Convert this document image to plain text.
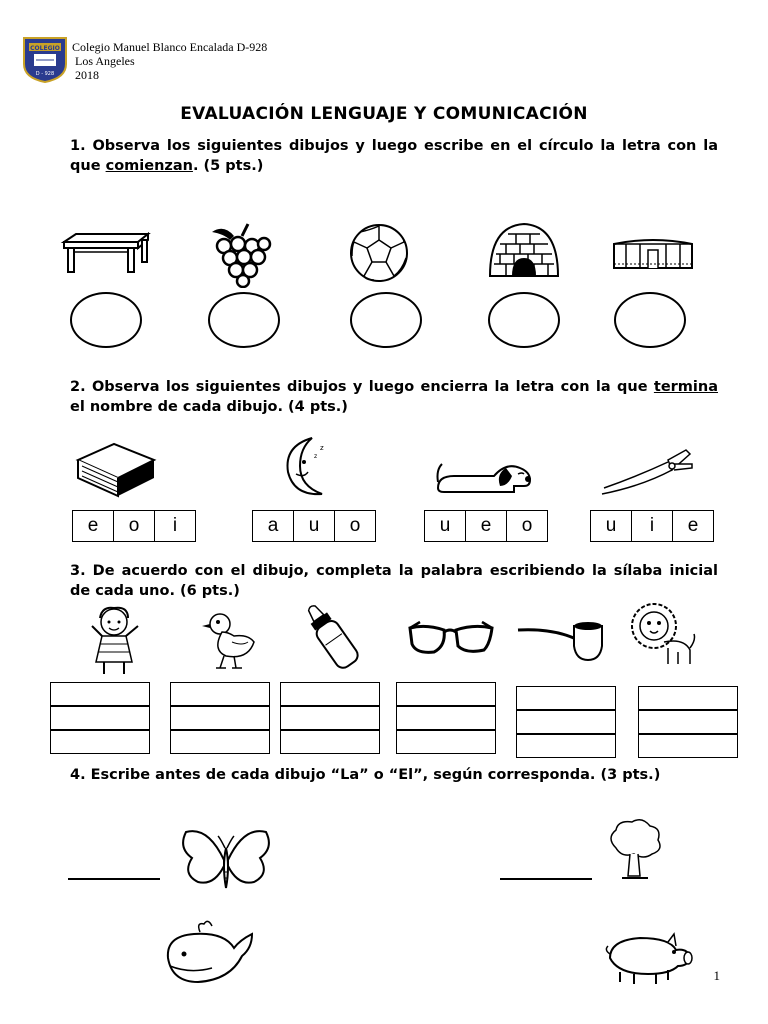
COLEGIO
D - 928
Colegio Manuel Blanco Encalada D-928
Los Angeles
2018
EVALUACIÓN LENGUAJE Y COMUNICACIÓN
1. Observa los siguientes dibujos y luego escribe en el círculo la letra con la que comienzan. (5 pts.)
2. Observa los siguientes dibujos y luego encierra la letra con la que termina el nombre de cada dibujo. (4 pts.)
z
z
e	o	i	a	u	o	u	e	o	u	i	e
3. De acuerdo con el dibujo, completa la palabra escribiendo la sílaba inicial de cada uno. (6 pts.)
4. Escribe antes de cada dibujo “La” o “El”, según corresponda. (3 pts.)
1
